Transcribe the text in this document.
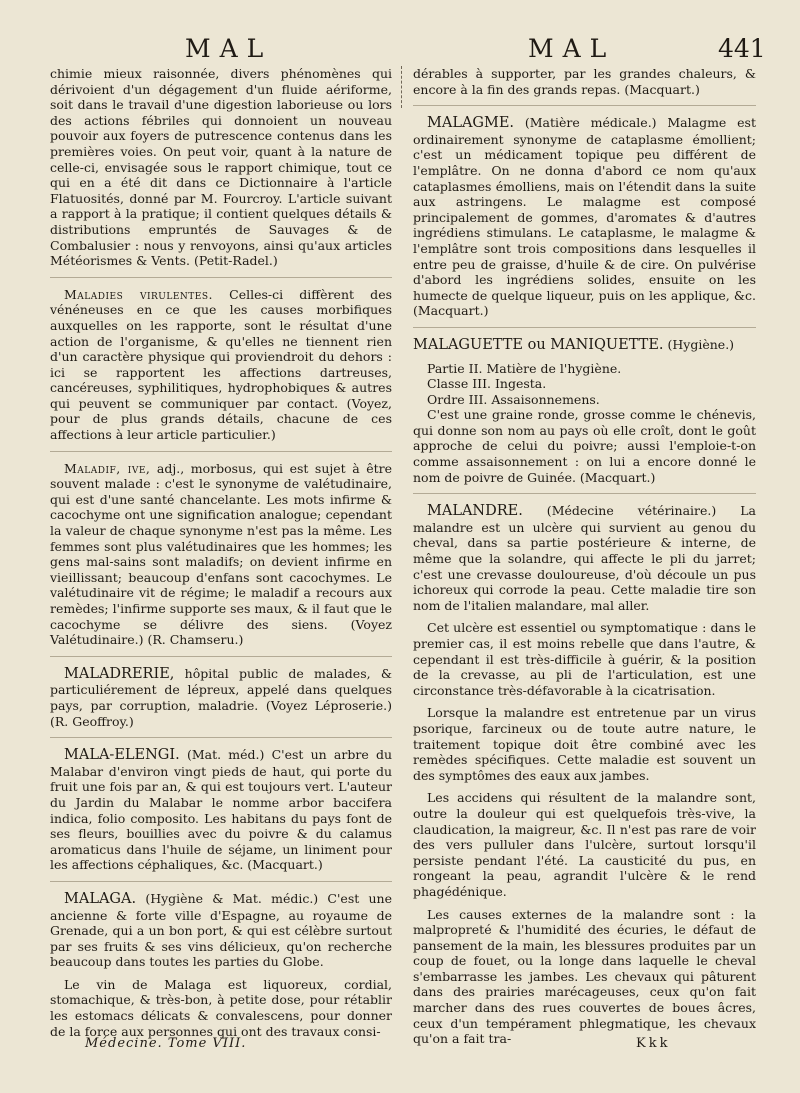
MAL	MAL	441

chimie mieux raisonnée, divers phénomènes qui dérivoient d'un dégagement d'un fluide aériforme, soit dans le travail d'une digestion laborieuse ou lors des actions fébriles qui donnoient un nouveau pouvoir aux foyers de putrescence contenus dans les premières voies. On peut voir, quant à la nature de celle-ci, envisagée sous le rapport chimique, tout ce qui en a été dit dans ce Dictionnaire à l'article Flatuosités, donné par M. Fourcroy. L'article suivant a rapport à la pratique; il contient quelques détails & distributions empruntés de Sauvages & de Combalusier : nous y renvoyons, ainsi qu'aux articles Météorismes & Vents. (Petit-Radel.)

Maladies virulentes. Celles-ci diffèrent des vénéneuses en ce que les causes morbifiques auxquelles on les rapporte, sont le résultat d'une action de l'organisme, & qu'elles ne tiennent rien d'un caractère physique qui proviendroit du dehors : ici se rapportent les affections dartreuses, cancéreuses, syphilitiques, hydrophobiques & autres qui peuvent se communiquer par contact. (Voyez, pour de plus grands détails, chacune de ces affections à leur article particulier.)

Maladif, ive, adj., morbosus, qui est sujet à être souvent malade : c'est le synonyme de valétudinaire, qui est d'une santé chancelante. Les mots infirme & cacochyme ont une signification analogue; cependant la valeur de chaque synonyme n'est pas la même. Les femmes sont plus valétudinaires que les hommes; les gens mal-sains sont maladifs; on devient infirme en vieillissant; beaucoup d'enfans sont cacochymes. Le valétudinaire vit de régime; le maladif a recours aux remèdes; l'infirme supporte ses maux, & il faut que le cacochyme se délivre des siens. (Voyez Valétudinaire.) (R. Chamseru.)

MALADRERIE, hôpital public de malades, & particuliérement de lépreux, appelé dans quelques pays, par corruption, maladrie. (Voyez Léproserie.) (R. Geoffroy.)

MALA-ELENGI. (Mat. méd.) C'est un arbre du Malabar d'environ vingt pieds de haut, qui porte du fruit une fois par an, & qui est toujours vert. L'auteur du Jardin du Malabar le nomme arbor baccifera indica, folio composito. Les habitans du pays font de ses fleurs, bouillies avec du poivre & du calamus aromaticus dans l'huile de séjame, un liniment pour les affections céphaliques, &c. (Macquart.)

MALAGA. (Hygiène & Mat. médic.) C'est une ancienne & forte ville d'Espagne, au royaume de Grenade, qui a un bon port, & qui est célèbre surtout par ses fruits & ses vins délicieux, qu'on recherche beaucoup dans toutes les parties du Globe.

Le vin de Malaga est liquoreux, cordial, stomachique, & très-bon, à petite dose, pour rétablir les estomacs délicats & convalescens, pour donner de la force aux personnes qui ont des travaux consi-

dérables à supporter, par les grandes chaleurs, & encore à la fin des grands repas. (Macquart.)

MALAGME. (Matière médicale.) Malagme est ordinairement synonyme de cataplasme émollient; c'est un médicament topique peu différent de l'emplâtre. On ne donna d'abord ce nom qu'aux cataplasmes émolliens, mais on l'étendit dans la suite aux astringens. Le malagme est composé principalement de gommes, d'aromates & d'autres ingrédiens stimulans. Le cataplasme, le malagme & l'emplâtre sont trois compositions dans lesquelles il entre peu de graisse, d'huile & de cire. On pulvérise d'abord les ingrédiens solides, ensuite on les humecte de quelque liqueur, puis on les applique, &c. (Macquart.)

MALAGUETTE ou MANIQUETTE. (Hygiène.)

Partie II. Matière de l'hygiène.

Classe III. Ingesta.

Ordre III. Assaisonnemens.

C'est une graine ronde, grosse comme le chénevis, qui donne son nom au pays où elle croît, dont le goût approche de celui du poivre; aussi l'emploie-t-on comme assaisonnement : on lui a encore donné le nom de poivre de Guinée. (Macquart.)

MALANDRE. (Médecine vétérinaire.) La malandre est un ulcère qui survient au genou du cheval, dans sa partie postérieure & interne, de même que la solandre, qui affecte le pli du jarret; c'est une crevasse douloureuse, d'où découle un pus ichoreux qui corrode la peau. Cette maladie tire son nom de l'italien malandare, mal aller.

Cet ulcère est essentiel ou symptomatique : dans le premier cas, il est moins rebelle que dans l'autre, & cependant il est très-difficile à guérir, & la position de la crevasse, au pli de l'articulation, est une circonstance très-défavorable à la cicatrisation.

Lorsque la malandre est entretenue par un virus psorique, farcineux ou de toute autre nature, le traitement topique doit être combiné avec les remèdes spécifiques. Cette maladie est souvent un des symptômes des eaux aux jambes.

Les accidens qui résultent de la malandre sont, outre la douleur qui est quelquefois très-vive, la claudication, la maigreur, &c. Il n'est pas rare de voir des vers pulluler dans l'ulcère, surtout lorsqu'il persiste pendant l'été. La causticité du pus, en rongeant la peau, agrandit l'ulcère & le rend phagédénique.

Les causes externes de la malandre sont : la malpropreté & l'humidité des écuries, le défaut de pansement de la main, les blessures produites par un coup de fouet, ou la longe dans laquelle le cheval s'embarrasse les jambes. Les chevaux qui pâturent dans des prairies marécageuses, ceux qu'on fait marcher dans des rues couvertes de boues âcres, ceux d'un tempérament phlegmatique, les chevaux qu'on a fait tra-

Médecine. Tome VIII.	Kkk
